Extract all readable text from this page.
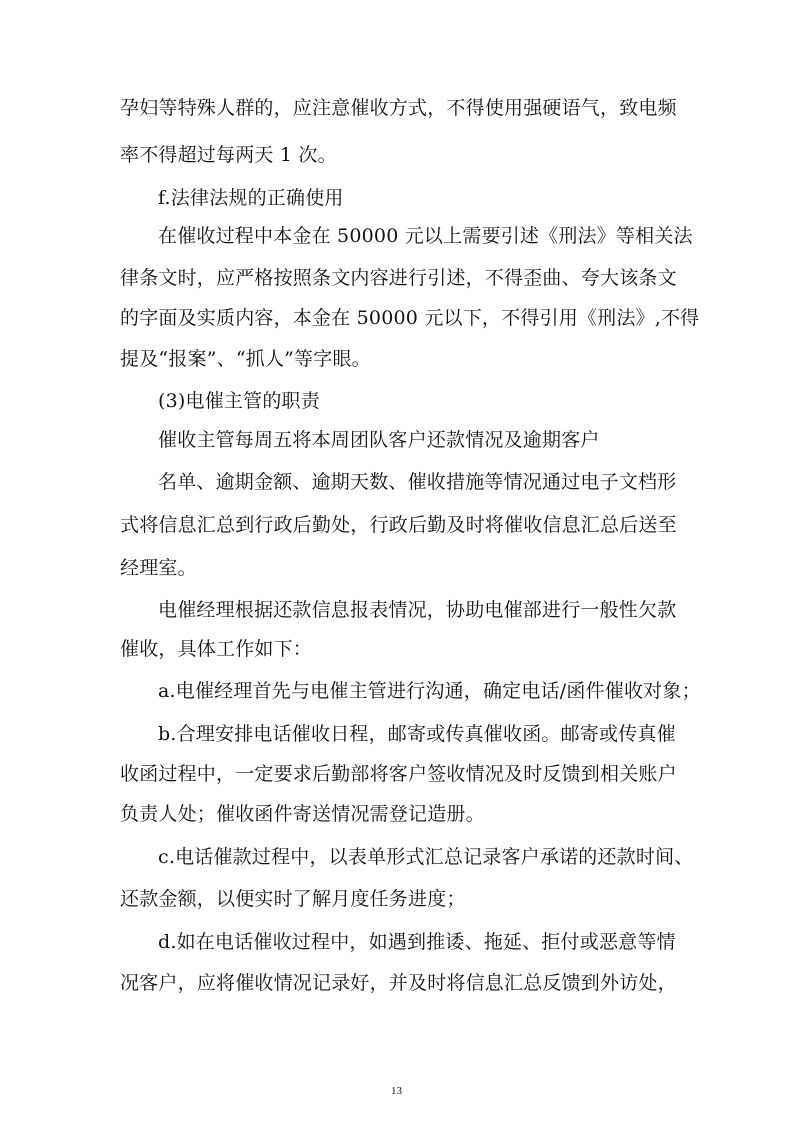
孕妇等特殊人群的，应注意催收方式，不得使用强硬语气，致电频
率不得超过每两天 1 次。
f.法律法规的正确使用
在催收过程中本金在 50000 元以上需要引述《刑法》等相关法
律条文时，应严格按照条文内容进行引述，不得歪曲、夸大该条文
的字面及实质内容，本金在 50000 元以下，不得引用《刑法》,不得
提及“报案”、“抓人”等字眼。
(3)电催主管的职责
催收主管每周五将本周团队客户还款情况及逾期客户
名单、逾期金额、逾期天数、催收措施等情况通过电子文档形
式将信息汇总到行政后勤处，行政后勤及时将催收信息汇总后送至
经理室。
电催经理根据还款信息报表情况，协助电催部进行一般性欠款
催收，具体工作如下：
a.电催经理首先与电催主管进行沟通，确定电话/函件催收对象；
b.合理安排电话催收日程，邮寄或传真催收函。邮寄或传真催
收函过程中，一定要求后勤部将客户签收情况及时反馈到相关账户
负责人处；催收函件寄送情况需登记造册。
c.电话催款过程中，以表单形式汇总记录客户承诺的还款时间、
还款金额，以便实时了解月度任务进度；
d.如在电话催收过程中，如遇到推诿、拖延、拒付或恶意等情
况客户，应将催收情况记录好，并及时将信息汇总反馈到外访处，
13
